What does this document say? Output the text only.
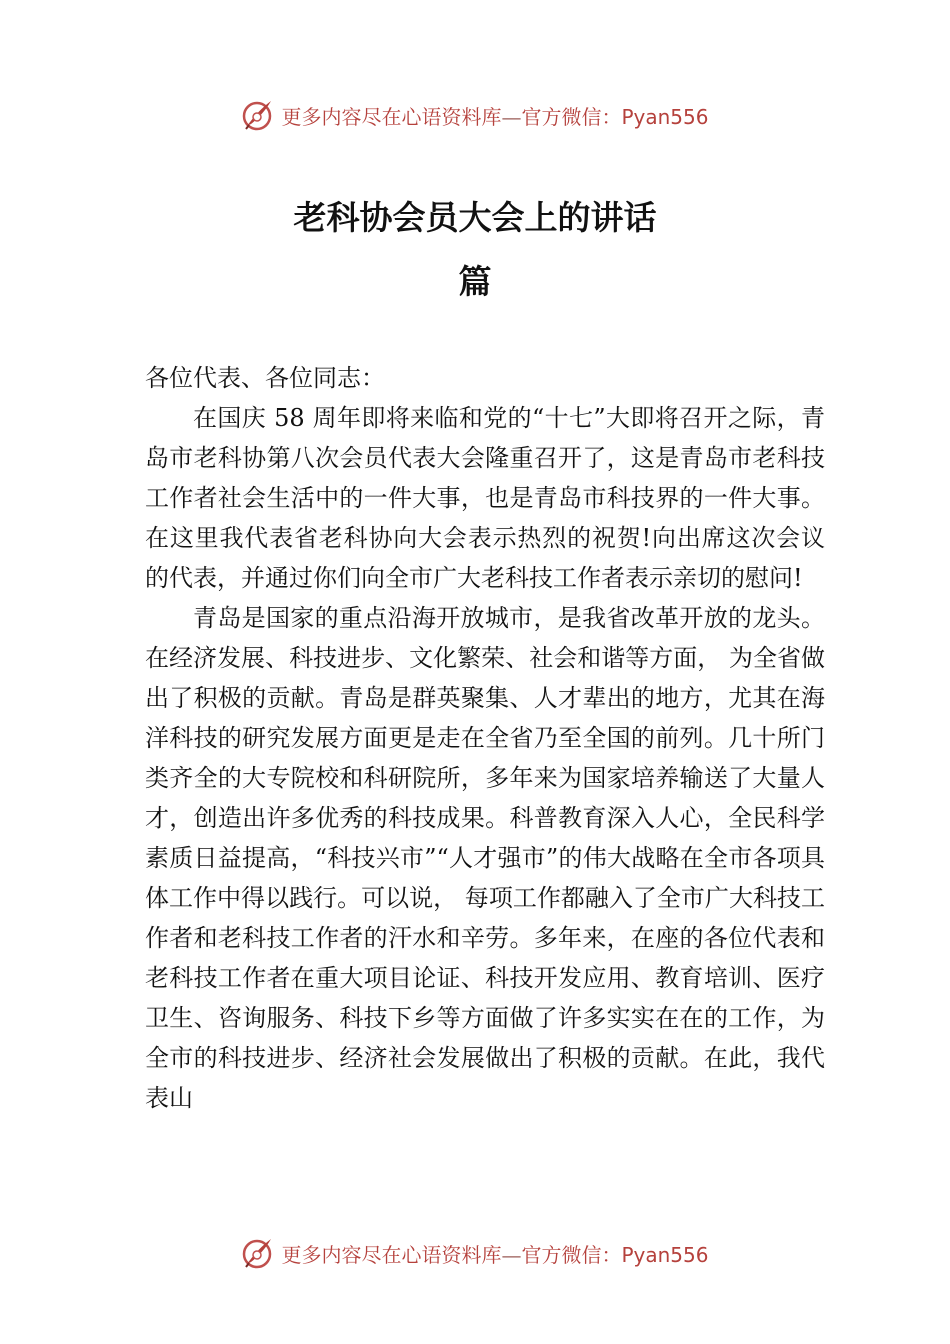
更多内容尽在心语资料库—官方微信：Pyan556
老科协会员大会上的讲话
篇

各位代表、各位同志：

在国庆 58 周年即将来临和党的“十七”大即将召开之际，青岛市老科协第八次会员代表大会隆重召开了，这是青岛市老科技工作者社会生活中的一件大事，也是青岛市科技界的一件大事。在这里我代表省老科协向大会表示热烈的祝贺!向出席这次会议的代表，并通过你们向全市广大老科技工作者表示亲切的慰问!

青岛是国家的重点沿海开放城市，是我省改革开放的龙头。在经济发展、科技进步、文化繁荣、社会和谐等方面， 为全省做出了积极的贡献。青岛是群英聚集、人才辈出的地方，尤其在海洋科技的研究发展方面更是走在全省乃至全国的前列。几十所门类齐全的大专院校和科研院所，多年来为国家培养输送了大量人才，创造出许多优秀的科技成果。科普教育深入人心，全民科学素质日益提高，“科技兴市”“人才强市”的伟大战略在全市各项具体工作中得以践行。可以说， 每项工作都融入了全市广大科技工作者和老科技工作者的汗水和辛劳。多年来，在座的各位代表和老科技工作者在重大项目论证、科技开发应用、教育培训、医疗卫生、咨询服务、科技下乡等方面做了许多实实在在的工作，为全市的科技进步、经济社会发展做出了积极的贡献。在此，我代表山

更多内容尽在心语资料库—官方微信：Pyan556
